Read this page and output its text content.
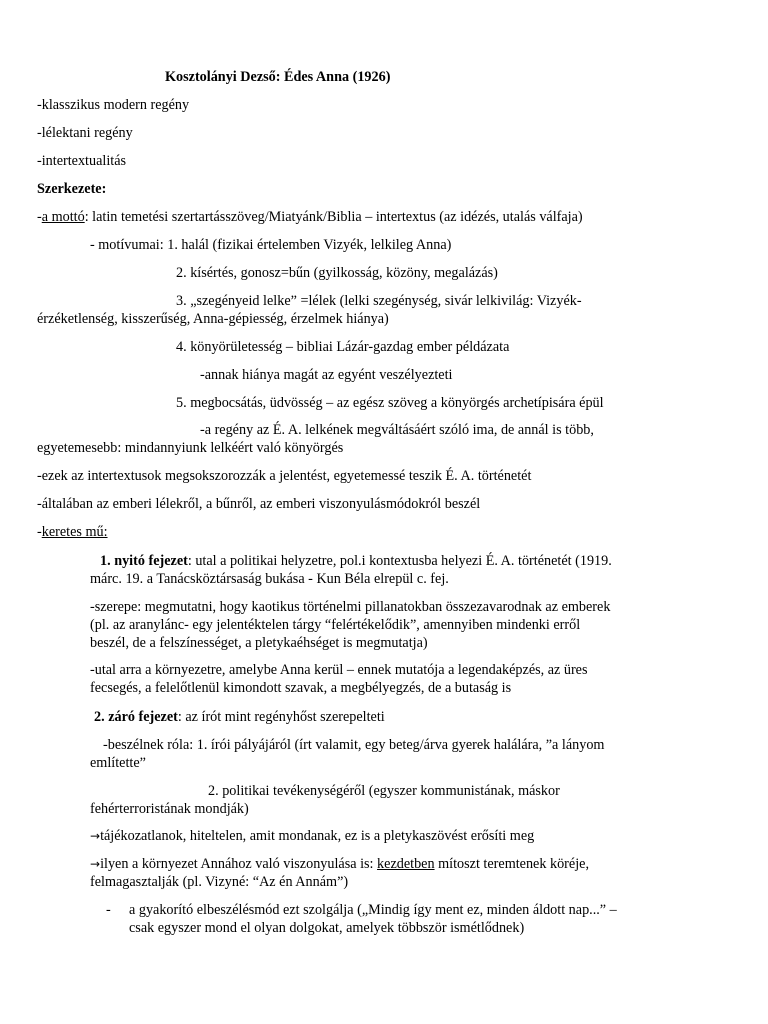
Kosztolányi Dezső: Édes Anna (1926)
-klasszikus modern regény
-lélektani regény
-intertextualitás
Szerkezete:
-a mottó: latin temetési szertartásszöveg/Miatyánk/Biblia – intertextus (az idézés, utalás válfaja)
- motívumai: 1. halál (fizikai értelemben Vizyék, lelkileg Anna)
2. kísértés, gonosz=bűn (gyilkosság, közöny, megalázás)
3. „szegényeid lelke” =lélek (lelki szegénység, sivár lelkivilág: Vizyék-
érzéketlenség, kisszerűség, Anna-gépiesség, érzelmek hiánya)
4. könyörületesség – bibliai Lázár-gazdag ember példázata
-annak hiánya magát az egyént veszélyezteti
5. megbocsátás, üdvösség – az egész szöveg a könyörgés archetípisára épül
-a regény az É. A. lelkének megváltásáért szóló ima, de annál is több,
egyetemesebb: mindannyiunk lelkéért való könyörgés
-ezek az intertextusok megsokszorozzák a jelentést, egyetemessé teszik É. A. történetét
-általában az emberi lélekről, a bűnről, az emberi viszonyulásmódokról beszél
-keretes mű:
1. nyitó fejezet: utal a politikai helyzetre, pol.i kontextusba helyezi É. A. történetét (1919.
márc. 19. a Tanácsköztársaság bukása - Kun Béla elrepül c. fej.
-szerepe: megmutatni, hogy kaotikus történelmi pillanatokban összezavarodnak az emberek
(pl. az aranylánc- egy jelentéktelen tárgy “felértékelődik”, amennyiben mindenki erről
beszél, de a felszínességet, a pletykaéhséget is megmutatja)
-utal arra a környezetre, amelybe Anna kerül – ennek mutatója a legendaképzés, az üres
fecsegés, a felelőtlenül kimondott szavak, a megbélyegzés, de a butaság is
2. záró fejezet: az írót mint regényhőst szerepelteti
-beszélnek róla: 1. írói pályájáról (írt valamit, egy beteg/árva gyerek halálára, ”a lányom
említette”
2. politikai tevékenységéről (egyszer kommunistának, máskor
fehérterroristának mondják)
→tájékozatlanok, hiteltelen, amit mondanak, ez is a pletykaszövést erősíti meg
→ilyen a környezet Annához való viszonyulása is: kezdetben mítoszt teremtenek köréje,
felmagasztalják (pl. Vizyné: “Az én Annám”)
- a gyakorító elbeszélésmód ezt szolgálja („Mindig így ment ez, minden áldott nap...” –
csak egyszer mond el olyan dolgokat, amelyek többször ismétlődnek)
